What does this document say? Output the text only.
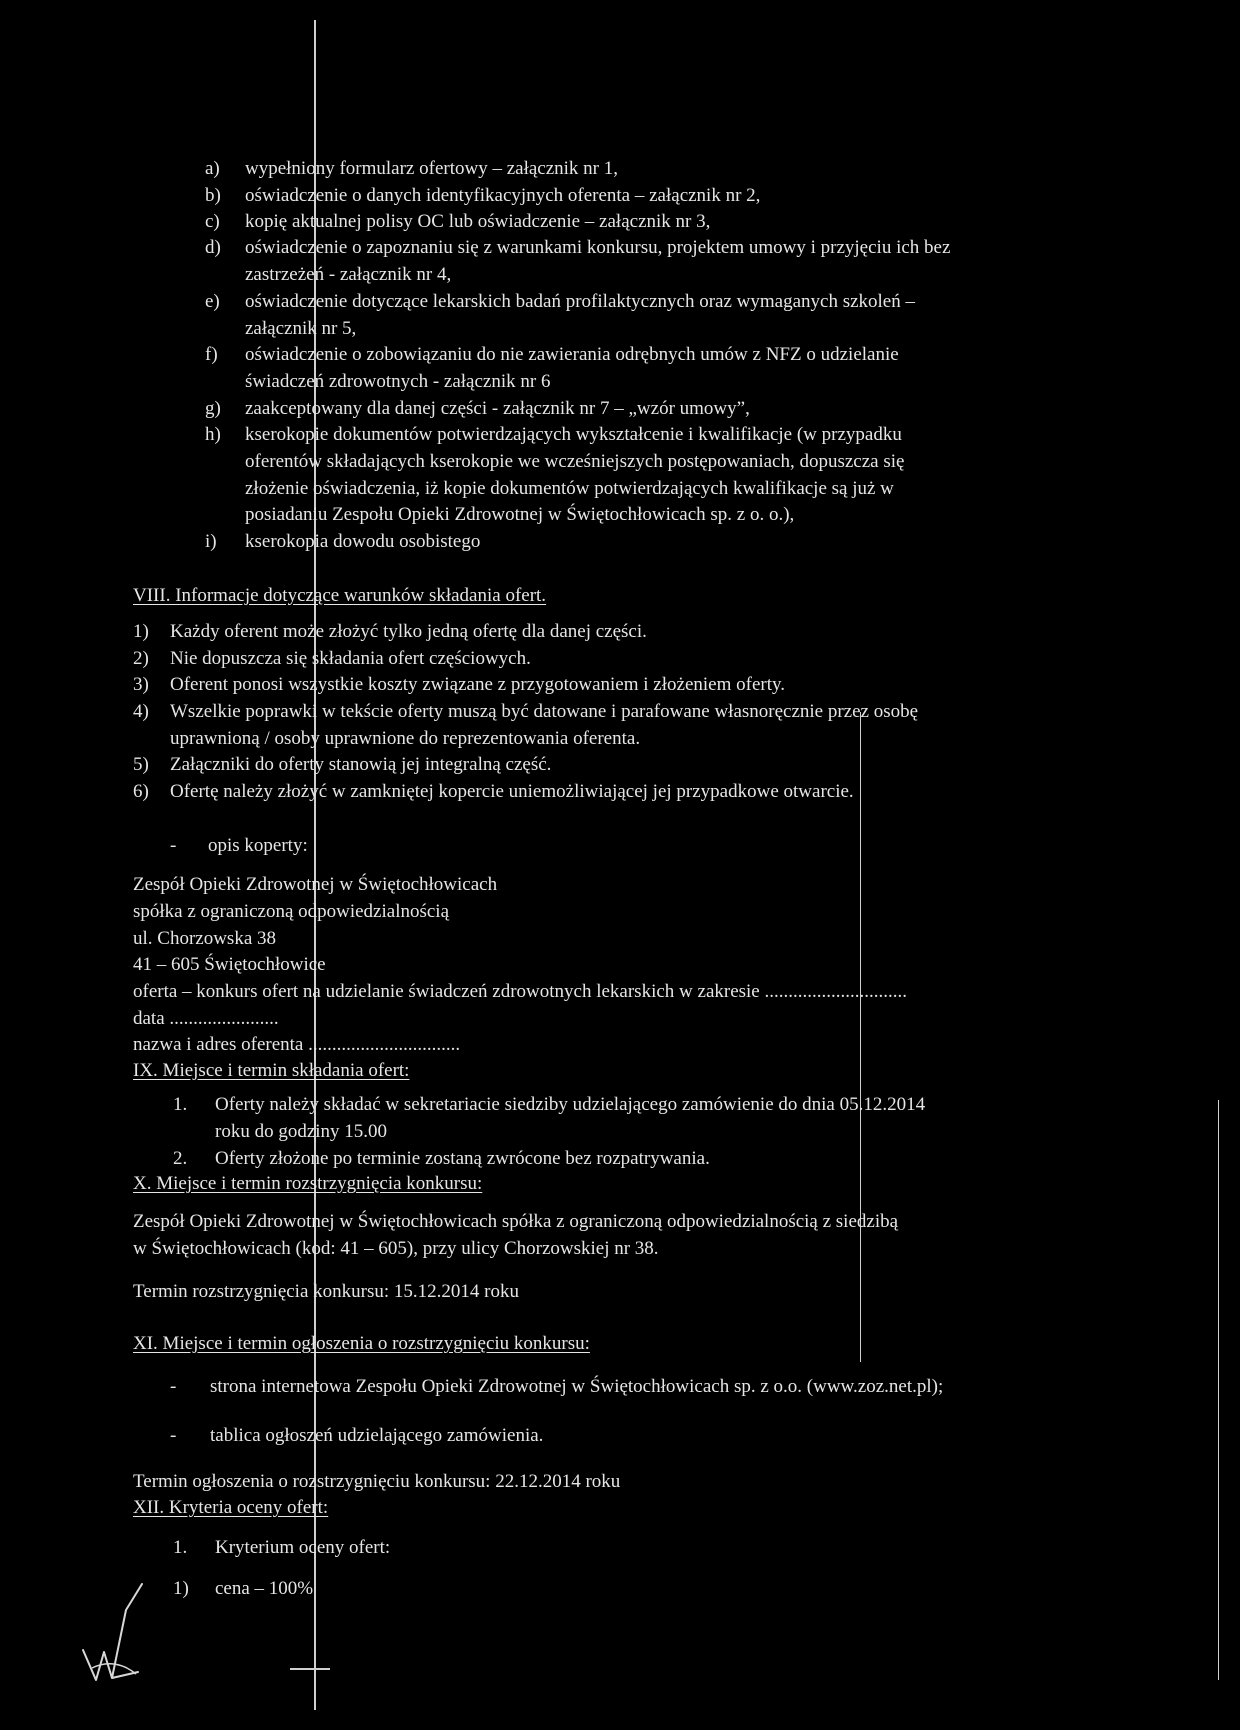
a) wypełniony formularz ofertowy – załącznik nr 1,
b) oświadczenie o danych identyfikacyjnych oferenta – załącznik nr 2,
c) kopię aktualnej polisy OC lub oświadczenie – załącznik nr 3,
d) oświadczenie o zapoznaniu się z warunkami konkursu, projektem umowy i przyjęciu ich bez
zastrzeżeń - załącznik nr 4,
e) oświadczenie dotyczące lekarskich badań profilaktycznych oraz wymaganych szkoleń –
załącznik nr 5,
f) oświadczenie o zobowiązaniu do nie zawierania odrębnych umów z NFZ o udzielanie
świadczeń zdrowotnych - załącznik nr 6
g) zaakceptowany dla danej części - załącznik nr 7 – „wzór umowy”,
h) kserokopie dokumentów potwierdzających wykształcenie i kwalifikacje (w przypadku
oferentów składających kserokopie we wcześniejszych postępowaniach, dopuszcza się
złożenie oświadczenia, iż kopie dokumentów potwierdzających kwalifikacje są już w
posiadaniu Zespołu Opieki Zdrowotnej w Świętochłowicach sp. z o. o.),
i) kserokopia dowodu osobistego
VIII. Informacje dotyczące warunków składania ofert.
1) Każdy oferent może złożyć tylko jedną ofertę dla danej części.
2) Nie dopuszcza się składania ofert częściowych.
3) Oferent ponosi wszystkie koszty związane z przygotowaniem i złożeniem oferty.
4) Wszelkie poprawki w tekście oferty muszą być datowane i parafowane własnoręcznie przez osobę
uprawnioną / osoby uprawnione do reprezentowania oferenta.
5) Załączniki do oferty stanowią jej integralną część.
6) Ofertę należy złożyć w zamkniętej kopercie uniemożliwiającej jej przypadkowe otwarcie.
- opis koperty:
Zespół Opieki Zdrowotnej w Świętochłowicach
spółka z ograniczoną odpowiedzialnością
ul. Chorzowska 38
41 – 605 Świętochłowice
oferta – konkurs ofert na udzielanie świadczeń zdrowotnych lekarskich w zakresie ..............................
data .......................
nazwa i adres oferenta ................................
IX. Miejsce i termin składania ofert:
1. Oferty należy składać w sekretariacie siedziby udzielającego zamówienie do dnia 05.12.2014
roku do godziny 15.00
2. Oferty złożone po terminie zostaną zwrócone bez rozpatrywania.
X. Miejsce i termin rozstrzygnięcia konkursu:
Zespół Opieki Zdrowotnej w Świętochłowicach spółka z ograniczoną odpowiedzialnością z siedzibą
w Świętochłowicach (kod: 41 – 605), przy ulicy Chorzowskiej nr 38.
Termin rozstrzygnięcia konkursu: 15.12.2014 roku
XI. Miejsce i termin ogłoszenia o rozstrzygnięciu konkursu:
- strona internetowa Zespołu Opieki Zdrowotnej w Świętochłowicach sp. z o.o. (www.zoz.net.pl);
- tablica ogłoszeń udzielającego zamówienia.
Termin ogłoszenia o rozstrzygnięciu konkursu: 22.12.2014 roku
XII. Kryteria oceny ofert:
1. Kryterium oceny ofert:
1) cena – 100%
